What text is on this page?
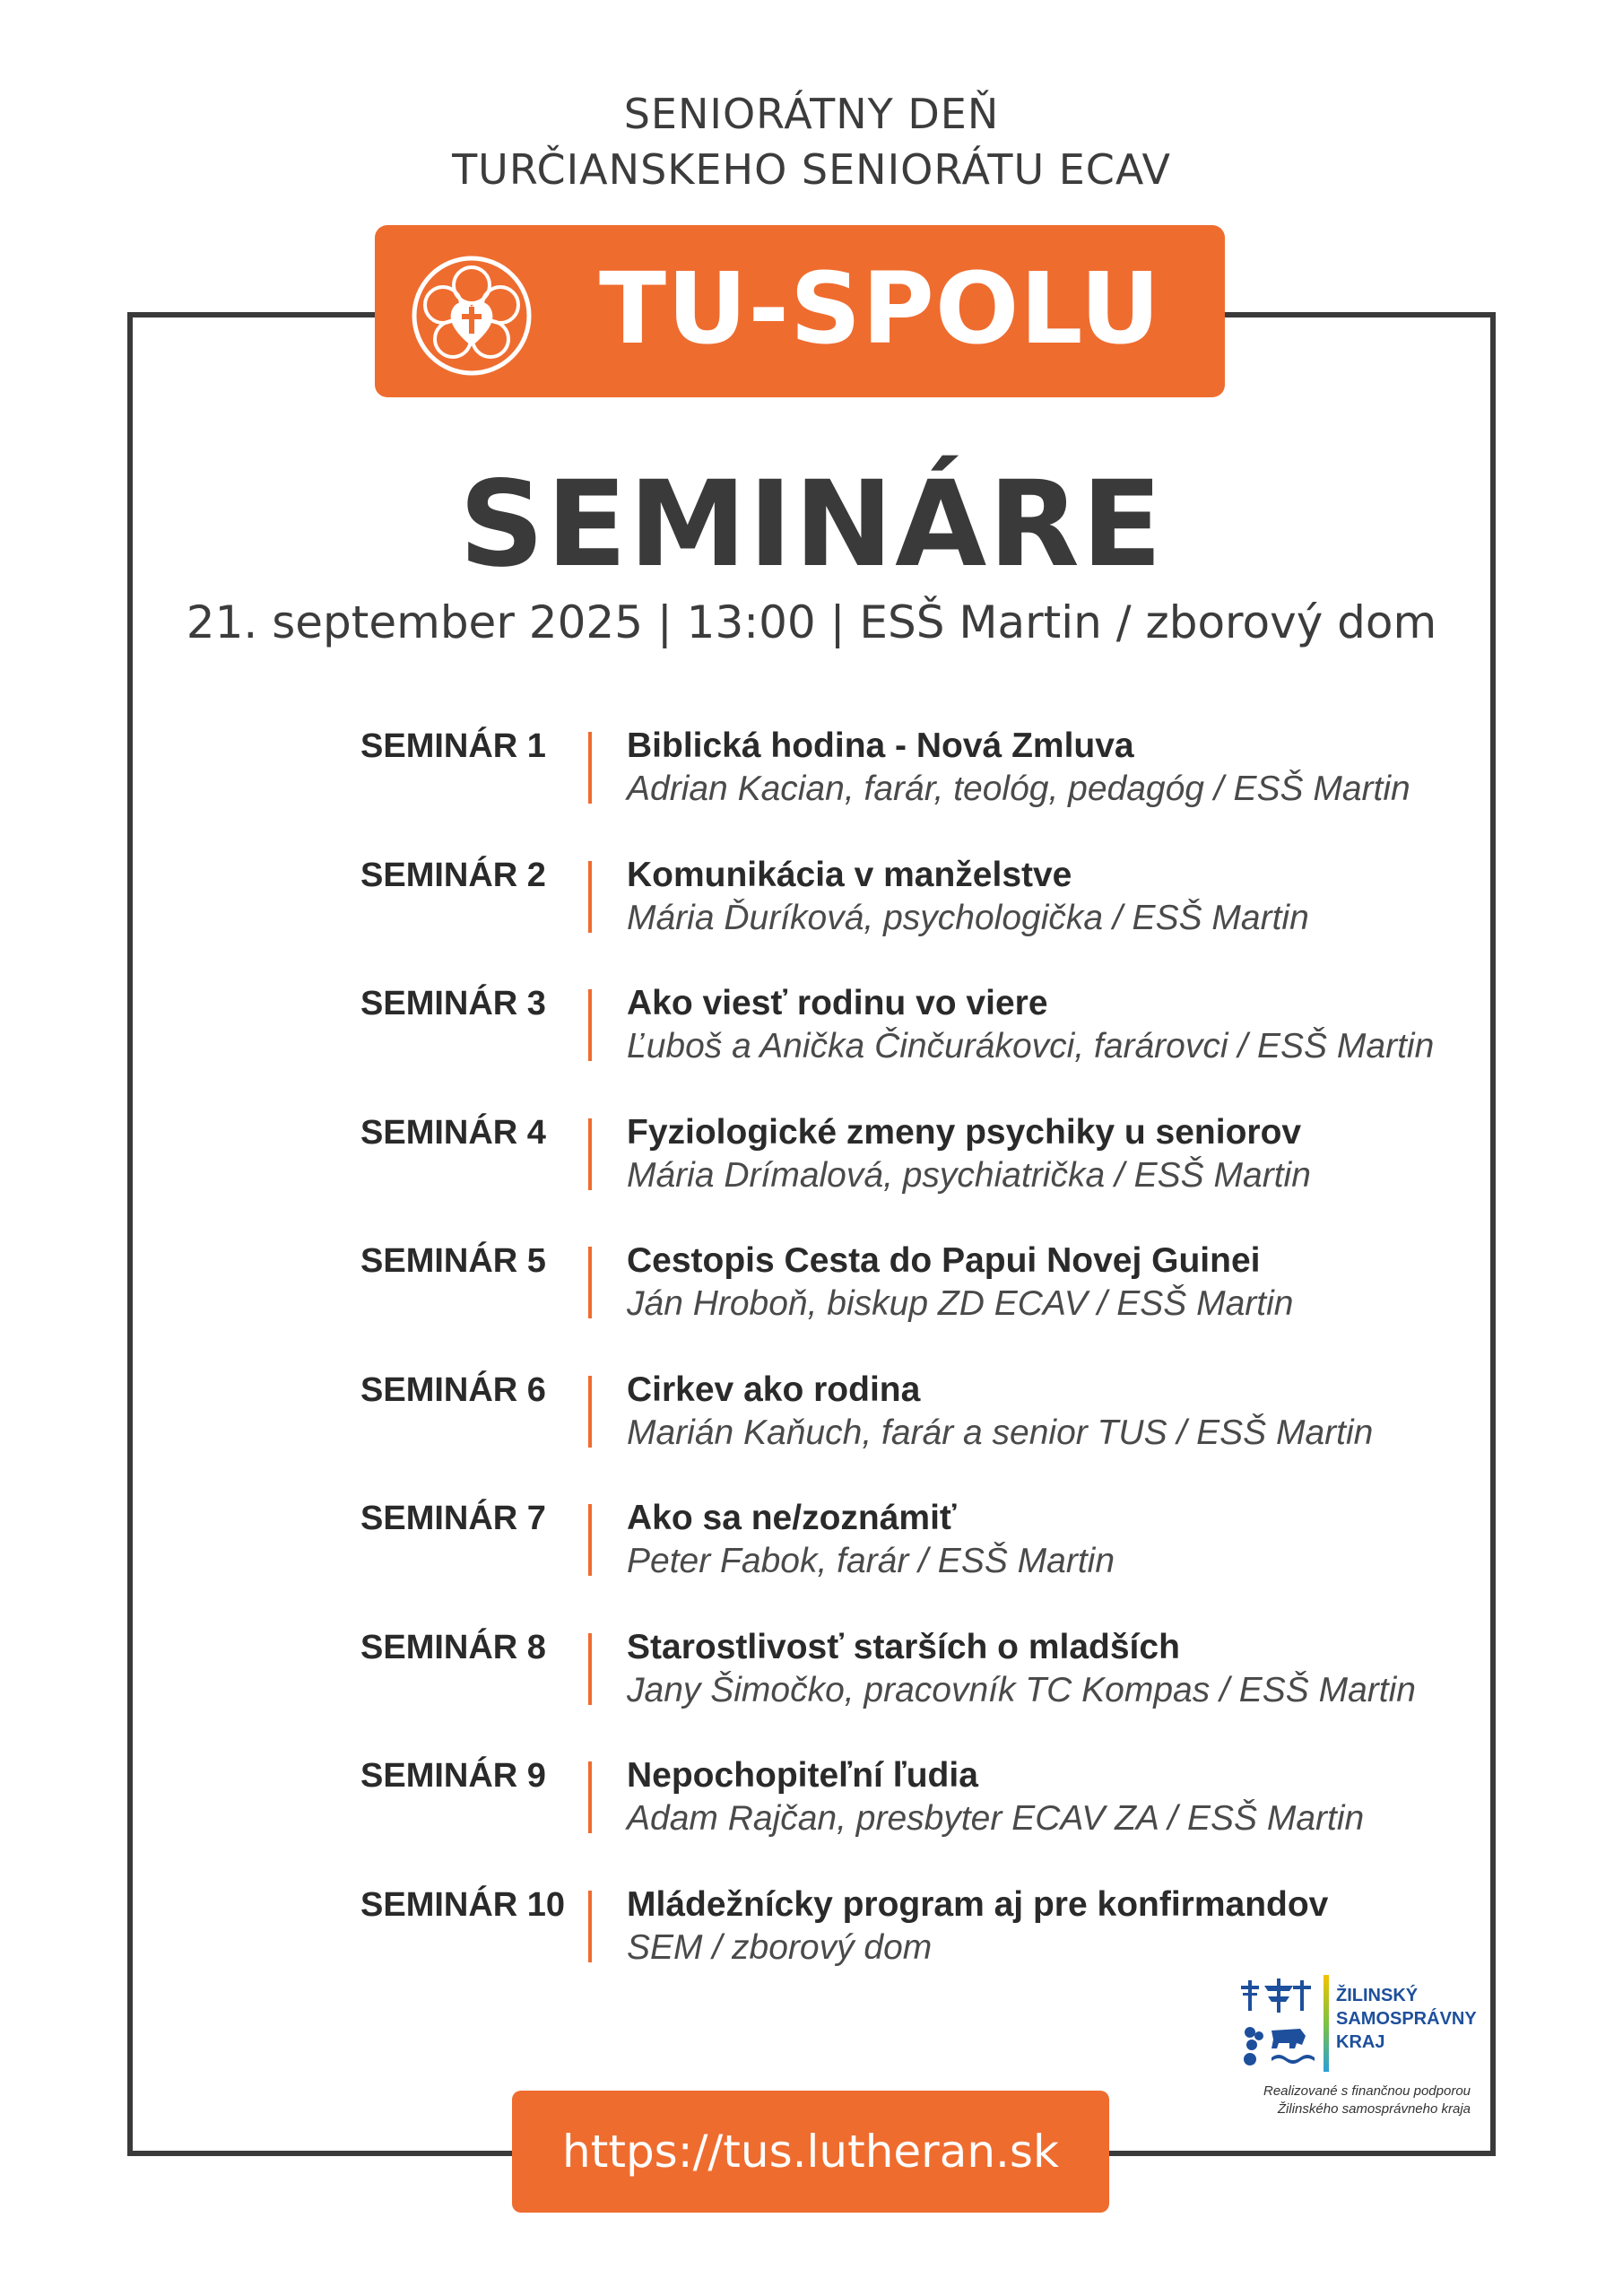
SENIORÁTNY DEŇ
TURČIANSKEHO SENIORÁTU ECAV
TU-SPOLU
SEMINÁRE
21. september 2025 | 13:00 | ESŠ Martin / zborový dom
SEMINÁR 1 Biblická hodina - Nová Zmluva
Adrian Kacian, farár, teológ, pedagóg / ESŠ Martin
SEMINÁR 2 Komunikácia v manželstve
Mária Ďuríková, psychologička / ESŠ Martin
SEMINÁR 3 Ako viesť rodinu vo viere
Ľuboš a Anička Činčurákovci, farárovci / ESŠ Martin
SEMINÁR 4 Fyziologické zmeny psychiky u seniorov
Mária Drímalová, psychiatrička / ESŠ Martin
SEMINÁR 5 Cestopis Cesta do Papui Novej Guinei
Ján Hroboň, biskup ZD ECAV / ESŠ Martin
SEMINÁR 6 Cirkev ako rodina
Marián Kaňuch, farár a senior TUS / ESŠ Martin
SEMINÁR 7 Ako sa ne/zoznámiť
Peter Fabok, farár / ESŠ Martin
SEMINÁR 8 Starostlivosť starších o mladších
Jany Šimočko, pracovník TC Kompas / ESŠ Martin
SEMINÁR 9 Nepochopiteľní ľudia
Adam Rajčan, presbyter ECAV ZA / ESŠ Martin
SEMINÁR 10 Mládežnícky program aj pre konfirmandov
SEM / zborový dom
ŽILINSKÝ
SAMOSPRÁVNY
KRAJ
Realizované s finančnou podporou
Žilinského samosprávneho kraja
https://tus.lutheran.sk
